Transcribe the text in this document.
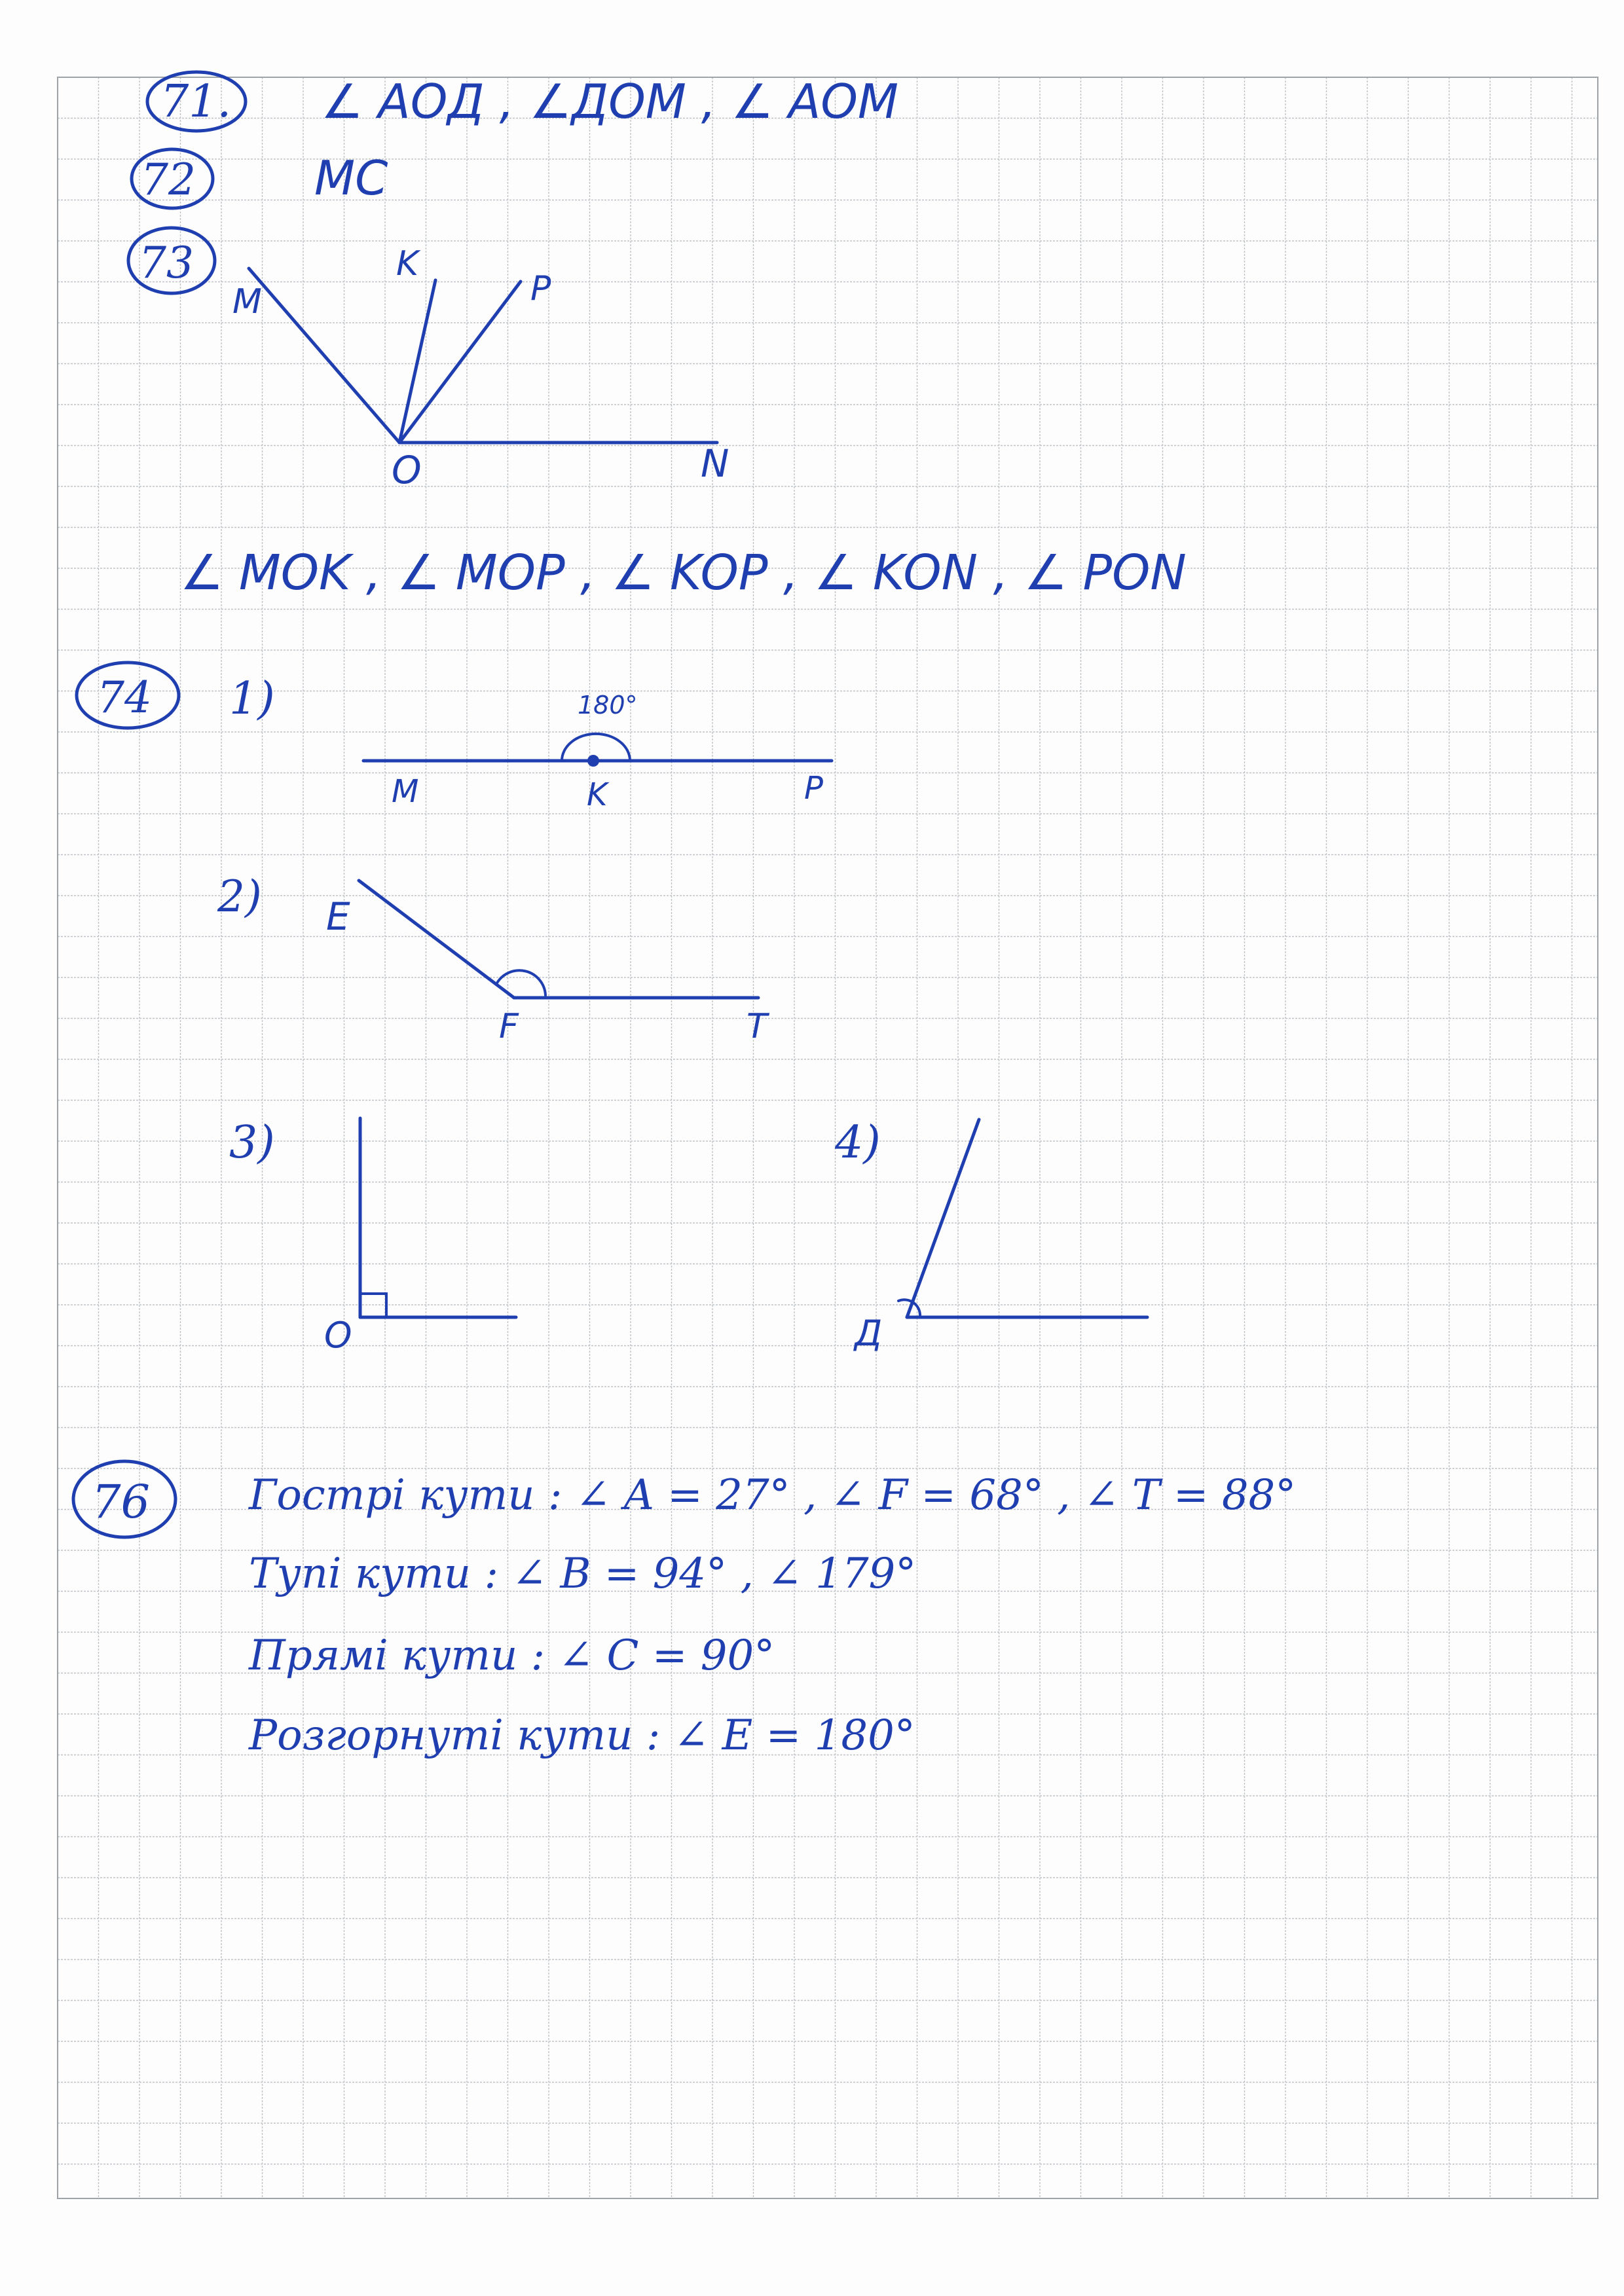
71. ∠ AOД , ∠ДОМ , ∠ AOM
72	MC
73
M
K
P
O	N
∠ MOK , ∠ MOP , ∠ KOP , ∠ KON , ∠ PON
74 1)	180°
M	K	P
2) E
F	T
3)
O
4)
Д
76 Гострі кути : ∠ A = 27° , ∠ F = 68° , ∠ T = 88°
Тупі кути : ∠ B = 94° , ∠ 179°
Прямі кути : ∠ C = 90°
Розгорнуті кути : ∠ E = 180°
